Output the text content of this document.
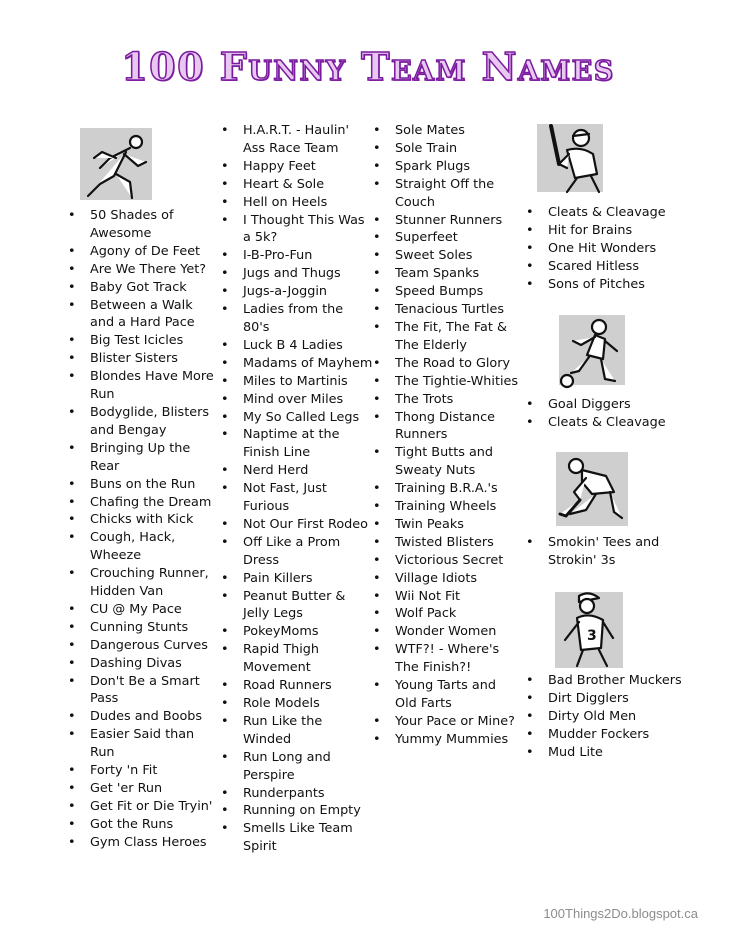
100 Funny Team Names
• 50 Shades of Awesome
• Agony of De Feet
• Are We There Yet?
• Baby Got Track
• Between a Walk and a Hard Pace
• Big Test Icicles
• Blister Sisters
• Blondes Have More Run
• Bodyglide, Blisters and Bengay
• Bringing Up the Rear
• Buns on the Run
• Chafing the Dream
• Chicks with Kick
• Cough, Hack, Wheeze
• Crouching Runner, Hidden Van
• CU @ My Pace
• Cunning Stunts
• Dangerous Curves
• Dashing Divas
• Don't Be a Smart Pass
• Dudes and Boobs
• Easier Said than Run
• Forty 'n Fit
• Get 'er Run
• Get Fit or Die Tryin'
• Got the Runs
• Gym Class Heroes
• H.A.R.T. - Haulin' Ass Race Team
• Happy Feet
• Heart & Sole
• Hell on Heels
• I Thought This Was a 5k?
• I-B-Pro-Fun
• Jugs and Thugs
• Jugs-a-Joggin
• Ladies from the 80's
• Luck B 4 Ladies
• Madams of Mayhem
• Miles to Martinis
• Mind over Miles
• My So Called Legs
• Naptime at the Finish Line
• Nerd Herd
• Not Fast, Just Furious
• Not Our First Rodeo
• Off Like a Prom Dress
• Pain Killers
• Peanut Butter & Jelly Legs
• PokeyMoms
• Rapid Thigh Movement
• Road Runners
• Role Models
• Run Like the Winded
• Run Long and Perspire
• Runderpants
• Running on Empty
• Smells Like Team Spirit
• Sole Mates
• Sole Train
• Spark Plugs
• Straight Off the Couch
• Stunner Runners
• Superfeet
• Sweet Soles
• Team Spanks
• Speed Bumps
• Tenacious Turtles
• The Fit, The Fat & The Elderly
• The Road to Glory
• The Tightie-Whities
• The Trots
• Thong Distance Runners
• Tight Butts and Sweaty Nuts
• Training B.R.A.'s
• Training Wheels
• Twin Peaks
• Twisted Blisters
• Victorious Secret
• Village Idiots
• Wii Not Fit
• Wolf Pack
• Wonder Women
• WTF?! - Where's The Finish?!
• Young Tarts and Old Farts
• Your Pace or Mine?
• Yummy Mummies
• Cleats & Cleavage
• Hit for Brains
• One Hit Wonders
• Scared Hitless
• Sons of Pitches
• Goal Diggers
• Cleats & Cleavage
• Smokin' Tees and Strokin' 3s
3
• Bad Brother Muckers
• Dirt Digglers
• Dirty Old Men
• Mudder Fockers
• Mud Lite
100Things2Do.blogspot.ca
